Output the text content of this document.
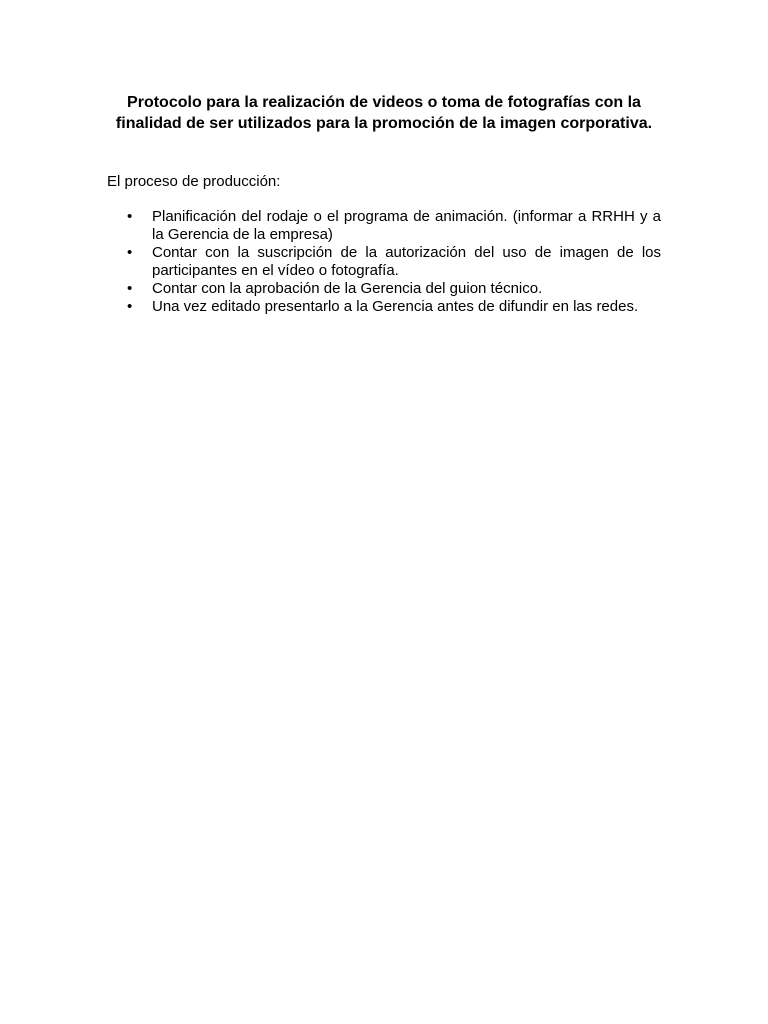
Protocolo para la realización de videos o toma de fotografías con la finalidad de ser utilizados para la promoción de la imagen corporativa.

El proceso de producción:

• Planificación del rodaje o el programa de animación. (informar a RRHH y a la Gerencia de la empresa)
• Contar con la suscripción de la autorización del uso de imagen de los participantes en el vídeo o fotografía.
• Contar con la aprobación de la Gerencia del guion técnico.
• Una vez editado presentarlo a la Gerencia antes de difundir en las redes.
